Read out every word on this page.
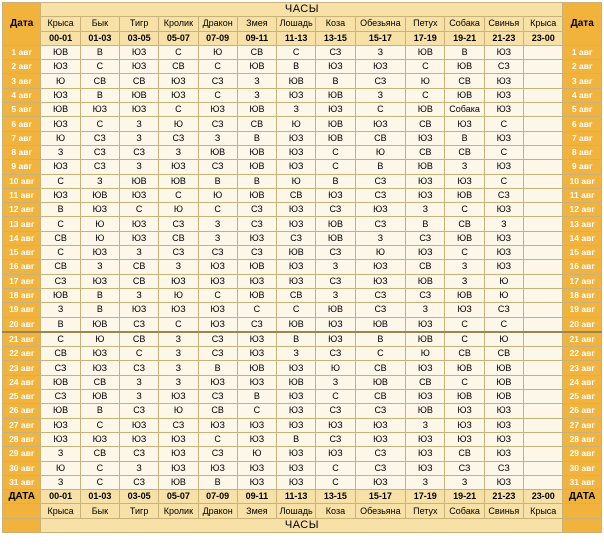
Дата	ЧАСЫ													Дата
	Крыса	Бык	Тигр	Кролик	Дракон	Змея	Лошадь	Коза	Обезьяна	Петух	Собака	Свинья	Крыса	
	00-01	01-03	03-05	05-07	07-09	09-11	11-13	13-15	15-17	17-19	19-21	21-23	23-00	
1 авг	ЮВ	В	ЮЗ	С	Ю	СВ	С	СЗ	З	ЮВ	В	ЮЗ		1 авг
2 авг	ЮЗ	С	ЮЗ	СВ	С	ЮВ	В	ЮЗ	ЮЗ	С	ЮВ	СЗ		2 авг
3 авг	Ю	СВ	СВ	ЮЗ	СЗ	З	ЮВ	В	СЗ	Ю	СВ	ЮЗ		3 авг
4 авг	ЮЗ	В	ЮВ	ЮЗ	С	З	ЮЗ	ЮВ	З	С	ЮВ	ЮЗ		4 авг
5 авг	ЮВ	ЮЗ	ЮЗ	С	ЮЗ	ЮВ	З	ЮЗ	С	ЮВ	Собака	ЮЗ		5 авг
6 авг	ЮЗ	С	З	Ю	СЗ	СВ	Ю	ЮВ	ЮЗ	СВ	ЮЗ	С		6 авг
7 авг	Ю	СЗ	З	СЗ	З	В	ЮЗ	ЮВ	СВ	ЮЗ	В	ЮЗ		7 авг
8 авг	З	СЗ	СЗ	З	ЮВ	ЮВ	ЮЗ	С	Ю	СВ	СВ	С		8 авг
9 авг	ЮЗ	СЗ	З	ЮЗ	СЗ	ЮВ	ЮЗ	С	В	ЮВ	З	ЮЗ		9 авг
10 авг	С	З	ЮВ	ЮВ	В	В	Ю	В	СЗ	ЮЗ	ЮЗ	С		10 авг
11 авг	ЮЗ	ЮВ	ЮЗ	С	Ю	ЮВ	СВ	ЮЗ	СЗ	ЮЗ	ЮВ	СЗ		11 авг
12 авг	В	ЮЗ	С	Ю	С	СЗ	ЮЗ	СЗ	ЮЗ	З	С	ЮЗ		12 авг
13 авг	С	Ю	ЮЗ	СЗ	З	СЗ	ЮЗ	ЮВ	СЗ	В	СВ	З		13 авг
14 авг	СВ	Ю	ЮЗ	СВ	З	ЮЗ	СЗ	ЮВ	З	СЗ	ЮВ	ЮЗ		14 авг
15 авг	С	ЮЗ	З	СЗ	СЗ	СЗ	ЮВ	СЗ	Ю	ЮЗ	С	ЮЗ		15 авг
16 авг	СВ	З	СВ	З	ЮЗ	ЮВ	ЮЗ	З	ЮЗ	СВ	З	ЮЗ		16 авг
17 авг	СЗ	ЮЗ	СВ	ЮЗ	ЮЗ	ЮЗ	ЮЗ	СЗ	ЮЗ	ЮВ	З	Ю		17 авг
18 авг	ЮВ	В	З	Ю	С	ЮВ	СВ	З	СЗ	СЗ	ЮВ	Ю		18 авг
19 авг	З	В	ЮЗ	ЮЗ	ЮЗ	С	С	ЮВ	СЗ	З	ЮЗ	СЗ		19 авг
20 авг	В	ЮВ	СЗ	С	ЮЗ	СЗ	ЮВ	ЮЗ	ЮВ	ЮЗ	С	С		20 авг
21 авг	С	Ю	СВ	З	СЗ	ЮЗ	В	ЮЗ	В	ЮВ	С	Ю		21 авг
22 авг	СВ	ЮЗ	С	З	СЗ	ЮЗ	З	СЗ	С	Ю	СВ	СВ		22 авг
23 авг	СЗ	ЮЗ	СЗ	З	В	ЮВ	ЮЗ	Ю	СВ	ЮЗ	ЮВ	ЮВ		23 авг
24 авг	ЮВ	СВ	З	З	ЮЗ	ЮЗ	ЮВ	З	ЮВ	СВ	С	ЮВ		24 авг
25 авг	СЗ	ЮВ	З	ЮЗ	СЗ	В	ЮЗ	С	СВ	ЮЗ	ЮВ	ЮВ		25 авг
26 авг	ЮВ	В	СЗ	Ю	СВ	С	ЮЗ	СЗ	СЗ	ЮВ	ЮЗ	ЮЗ		26 авг
27 авг	ЮЗ	С	ЮЗ	СЗ	ЮЗ	ЮЗ	ЮЗ	ЮЗ	ЮЗ	З	ЮЗ	ЮЗ		27 авг
28 авг	ЮЗ	ЮЗ	ЮЗ	ЮЗ	С	ЮЗ	В	СЗ	ЮЗ	ЮЗ	ЮЗ	ЮЗ		28 авг
29 авг	З	СВ	СЗ	ЮЗ	СЗ	Ю	ЮЗ	ЮЗ	СЗ	ЮЗ	СВ	ЮЗ		29 авг
30 авг	Ю	С	З	ЮЗ	ЮЗ	ЮЗ	ЮЗ	С	СЗ	ЮЗ	СЗ	СЗ		30 авг
31 авг	З	С	СЗ	ЮВ	В	ЮЗ	ЮЗ	С	ЮЗ	З	З	ЮЗ		31 авг
ДАТА	00-01	01-03	03-05	05-07	07-09	09-11	11-13	13-15	15-17	17-19	19-21	21-23	23-00	ДАТА
	Крыса	Бык	Тигр	Кролик	Дракон	Змея	Лошадь	Коза	Обезьяна	Петух	Собака	Свинья	Крыса	
	ЧАСЫ													
